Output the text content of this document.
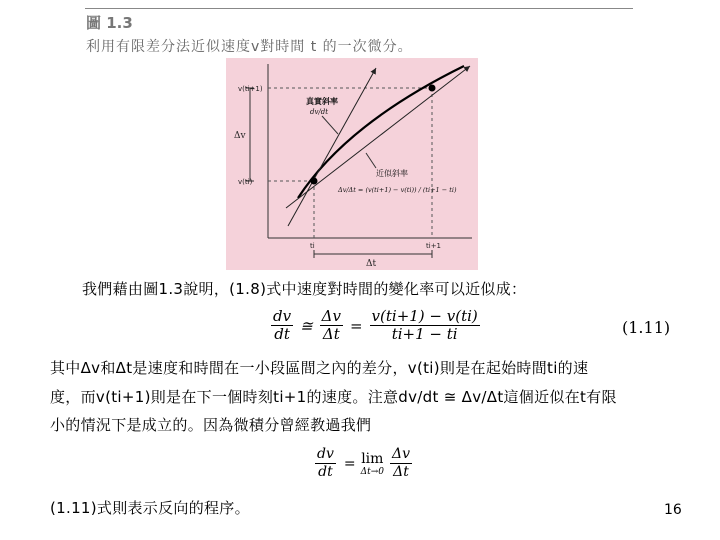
圖 1.3
利用有限差分法近似速度v對時間 t 的一次微分。
v(ti+1)
v(ti)
Δv
Δt
ti	ti+1
真實斜率
dv/dt
近似斜率
Δv/Δt = (v(ti+1) − v(ti)) / (ti+1 − ti)
我們藉由圖1.3說明，(1.8)式中速度對時間的變化率可以近似成：
$\frac{dv}{dt}$ ≅ $\frac{\Delta v}{\Delta t} = \frac{v(ti+1) - v(ti)}{ti+1 - ti}$	(1.11)
其中Δv和Δt是速度和時間在一小段區間之內的差分，v(ti)則是在起始時間ti的速
度，而v(ti+1)則是在下一個時刻ti+1的速度。注意dv/dt ≅ Δv/Δt這個近似在t有限
小的情況下是成立的。因為微積分曾經教過我們
$\frac{dv}{dt} = \lim$
$\Delta t\to 0 \frac{\Delta v}{\Delta t}$
(1.11)式則表示反向的程序。	16
